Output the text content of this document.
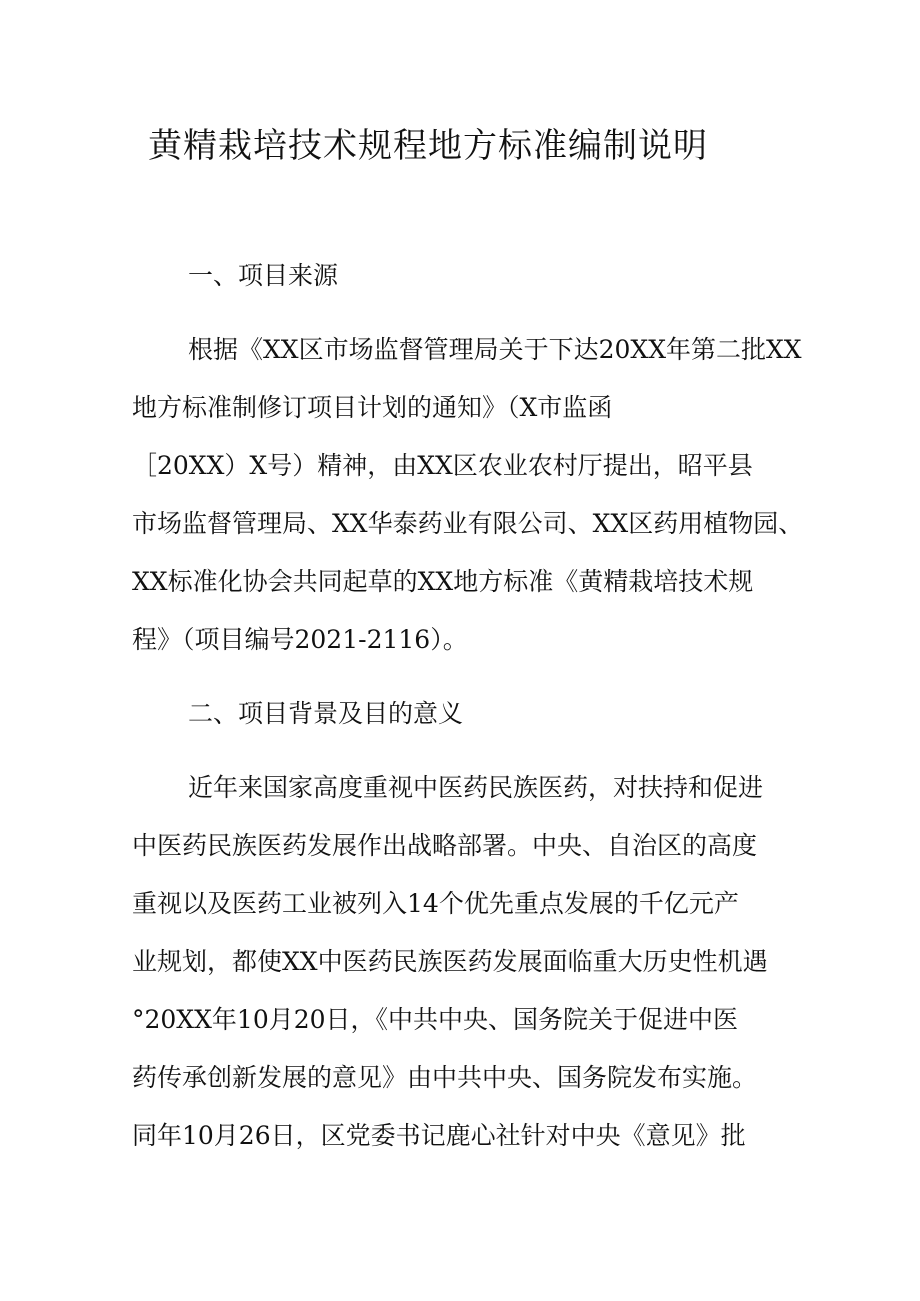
黄精栽培技术规程地方标准编制说明
一、项目来源
根据《XX区市场监督管理局关于下达20XX年第二批XX
地方标准制修订项目计划的通知》（X市监函
［20XX）X号）精神，由XX区农业农村厅提出，昭平县
市场监督管理局、XX华泰药业有限公司、XX区药用植物园、
XX标准化协会共同起草的XX地方标准《黄精栽培技术规
程》（项目编号2021-2116）。
二、项目背景及目的意义
近年来国家高度重视中医药民族医药，对扶持和促进
中医药民族医药发展作出战略部署。中央、自治区的高度
重视以及医药工业被列入14个优先重点发展的千亿元产
业规划，都使XX中医药民族医药发展面临重大历史性机遇
°20XX年10月20日，《中共中央、国务院关于促进中医
药传承创新发展的意见》由中共中央、国务院发布实施。
同年10月26日，区党委书记鹿心社针对中央《意见》批
